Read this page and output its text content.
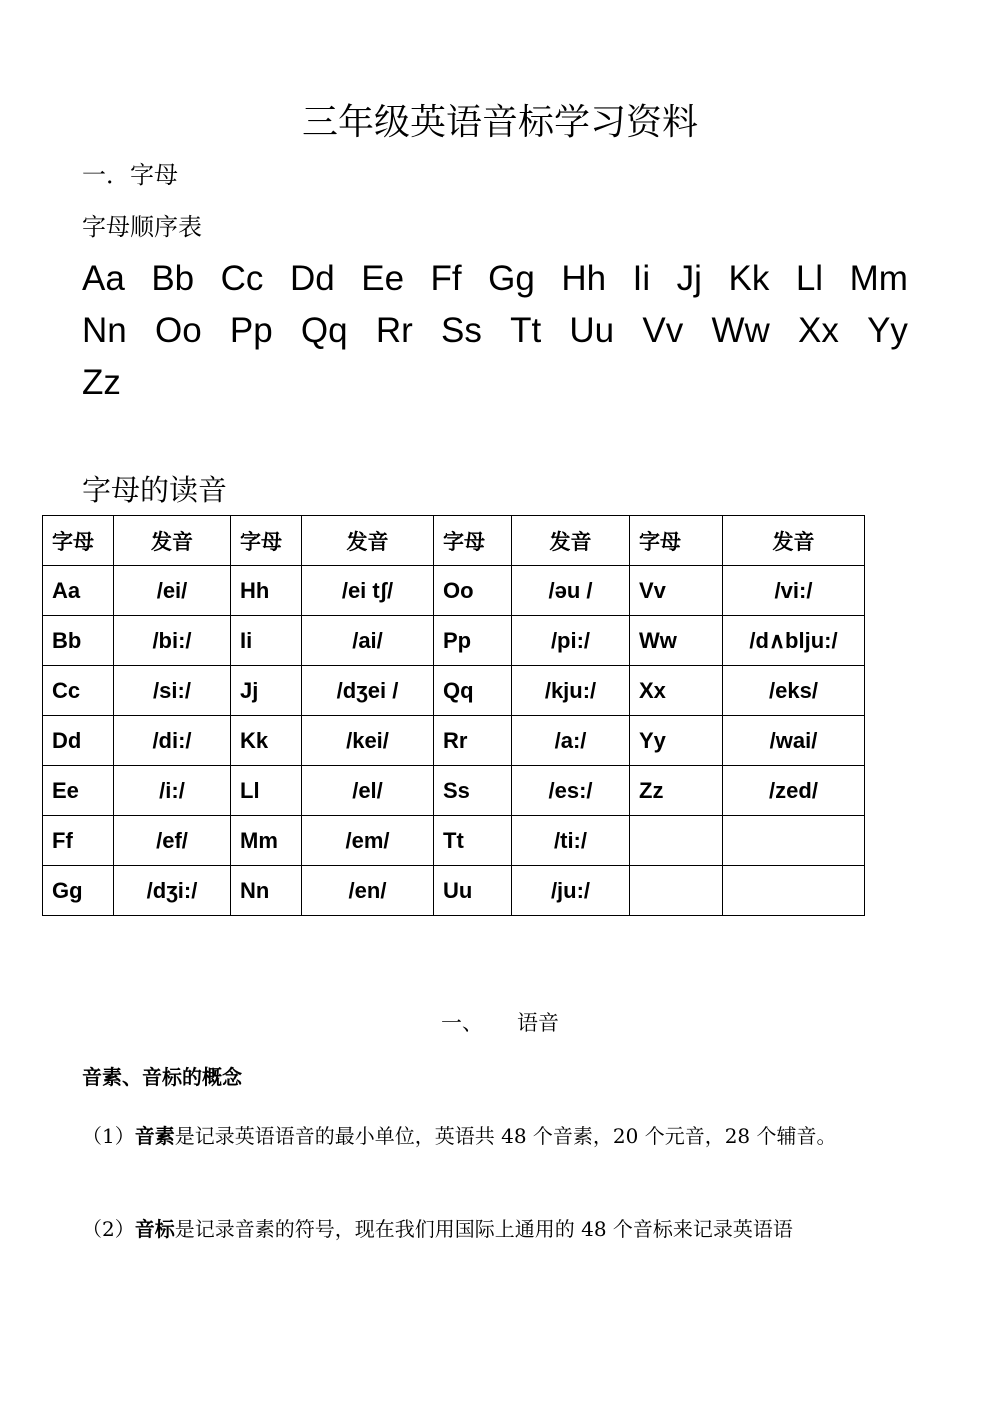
三年级英语音标学习资料
一．字母
字母顺序表
Aa Bb Cc Dd Ee Ff Gg Hh Ii Jj Kk Ll Mm
Nn Oo Pp Qq Rr Ss Tt Uu Vv Ww Xx Yy
Zz
字母的读音
字母	发音	字母	发音	字母	发音	字母	发音
Aa	/ei/	Hh	/ei tʃ/	Oo	/əu /	Vv	/vi:/
Bb	/bi:/	Ii	/ai/	Pp	/pi:/	Ww	/d∧blju:/
Cc	/si:/	Jj	/dʒei /	Qq	/kju:/	Xx	/eks/
Dd	/di:/	Kk	/kei/	Rr	/a:/	Yy	/wai/
Ee	/i:/	Ll	/el/	Ss	/es:/	Zz	/zed/
Ff	/ef/	Mm	/em/	Tt	/ti:/		
Gg	/dʒi:/	Nn	/en/	Uu	/ju:/		
一、 语音
音素、音标的概念
（1）音素是记录英语语音的最小单位，英语共 48 个音素，20 个元音，28 个辅音。
（2）音标是记录音素的符号，现在我们用国际上通用的 48 个音标来记录英语语
